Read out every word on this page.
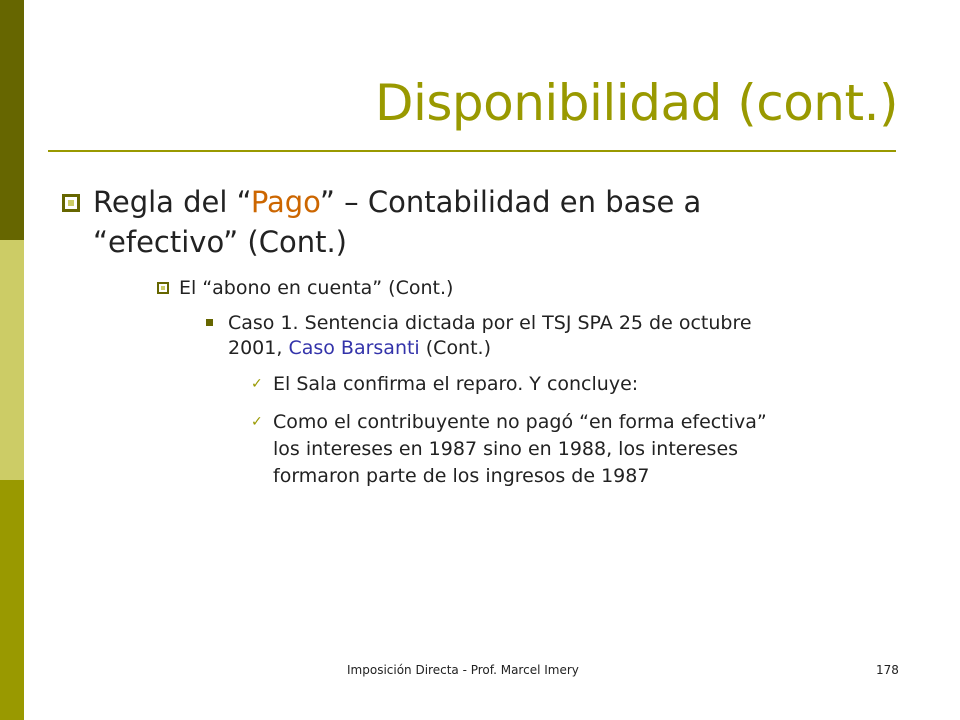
Disponibilidad (cont.)
Regla del “Pago” – Contabilidad en base a
“efectivo” (Cont.)
El “abono en cuenta” (Cont.)
Caso 1. Sentencia dictada por el TSJ SPA 25 de octubre
2001, Caso Barsanti (Cont.)
✓ El Sala confirma el reparo. Y concluye:
✓ Como el contribuyente no pagó “en forma efectiva”
los intereses en 1987 sino en 1988, los intereses
formaron parte de los ingresos de 1987
Imposición Directa - Prof. Marcel Imery	178
